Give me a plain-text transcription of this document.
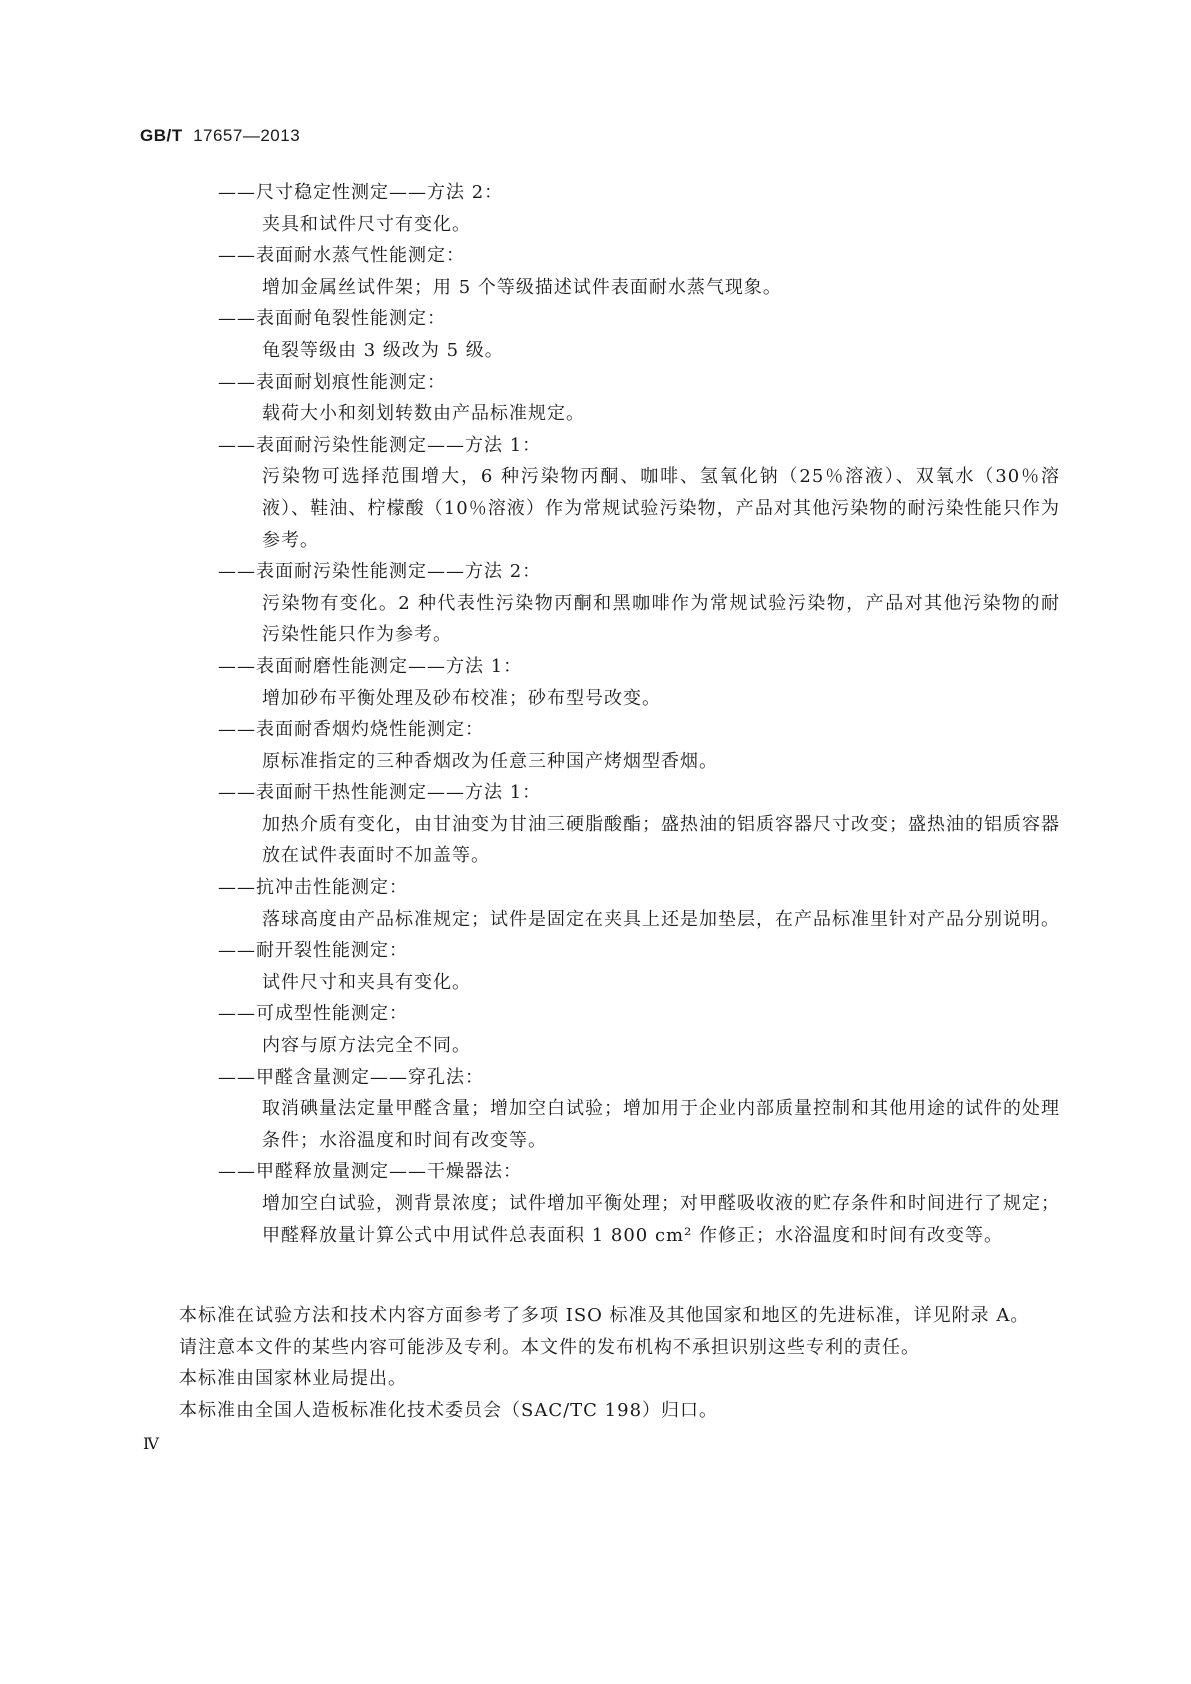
GB/T 17657—2013

——尺寸稳定性测定——方法 2：
夹具和试件尺寸有变化。
——表面耐水蒸气性能测定：
增加金属丝试件架；用 5 个等级描述试件表面耐水蒸气现象。
——表面耐龟裂性能测定：
龟裂等级由 3 级改为 5 级。
——表面耐划痕性能测定：
载荷大小和刻划转数由产品标准规定。
——表面耐污染性能测定——方法 1：
污染物可选择范围增大，6 种污染物丙酮、咖啡、氢氧化钠（25％溶液）、双氧水（30％溶液）、鞋油、柠檬酸（10％溶液）作为常规试验污染物，产品对其他污染物的耐污染性能只作为参考。
——表面耐污染性能测定——方法 2：
污染物有变化。2 种代表性污染物丙酮和黑咖啡作为常规试验污染物，产品对其他污染物的耐污染性能只作为参考。
——表面耐磨性能测定——方法 1：
增加砂布平衡处理及砂布校准；砂布型号改变。
——表面耐香烟灼烧性能测定：
原标准指定的三种香烟改为任意三种国产烤烟型香烟。
——表面耐干热性能测定——方法 1：
加热介质有变化，由甘油变为甘油三硬脂酸酯；盛热油的铝质容器尺寸改变；盛热油的铝质容器放在试件表面时不加盖等。
——抗冲击性能测定：
落球高度由产品标准规定；试件是固定在夹具上还是加垫层，在产品标准里针对产品分别说明。
——耐开裂性能测定：
试件尺寸和夹具有变化。
——可成型性能测定：
内容与原方法完全不同。
——甲醛含量测定——穿孔法：
取消碘量法定量甲醛含量；增加空白试验；增加用于企业内部质量控制和其他用途的试件的处理条件；水浴温度和时间有改变等。
——甲醛释放量测定——干燥器法：
增加空白试验，测背景浓度；试件增加平衡处理；对甲醛吸收液的贮存条件和时间进行了规定；甲醛释放量计算公式中用试件总表面积 1 800 cm² 作修正；水浴温度和时间有改变等。

本标准在试验方法和技术内容方面参考了多项 ISO 标准及其他国家和地区的先进标准，详见附录 A。

请注意本文件的某些内容可能涉及专利。本文件的发布机构不承担识别这些专利的责任。

本标准由国家林业局提出。

本标准由全国人造板标准化技术委员会（SAC/TC 198）归口。

Ⅳ
